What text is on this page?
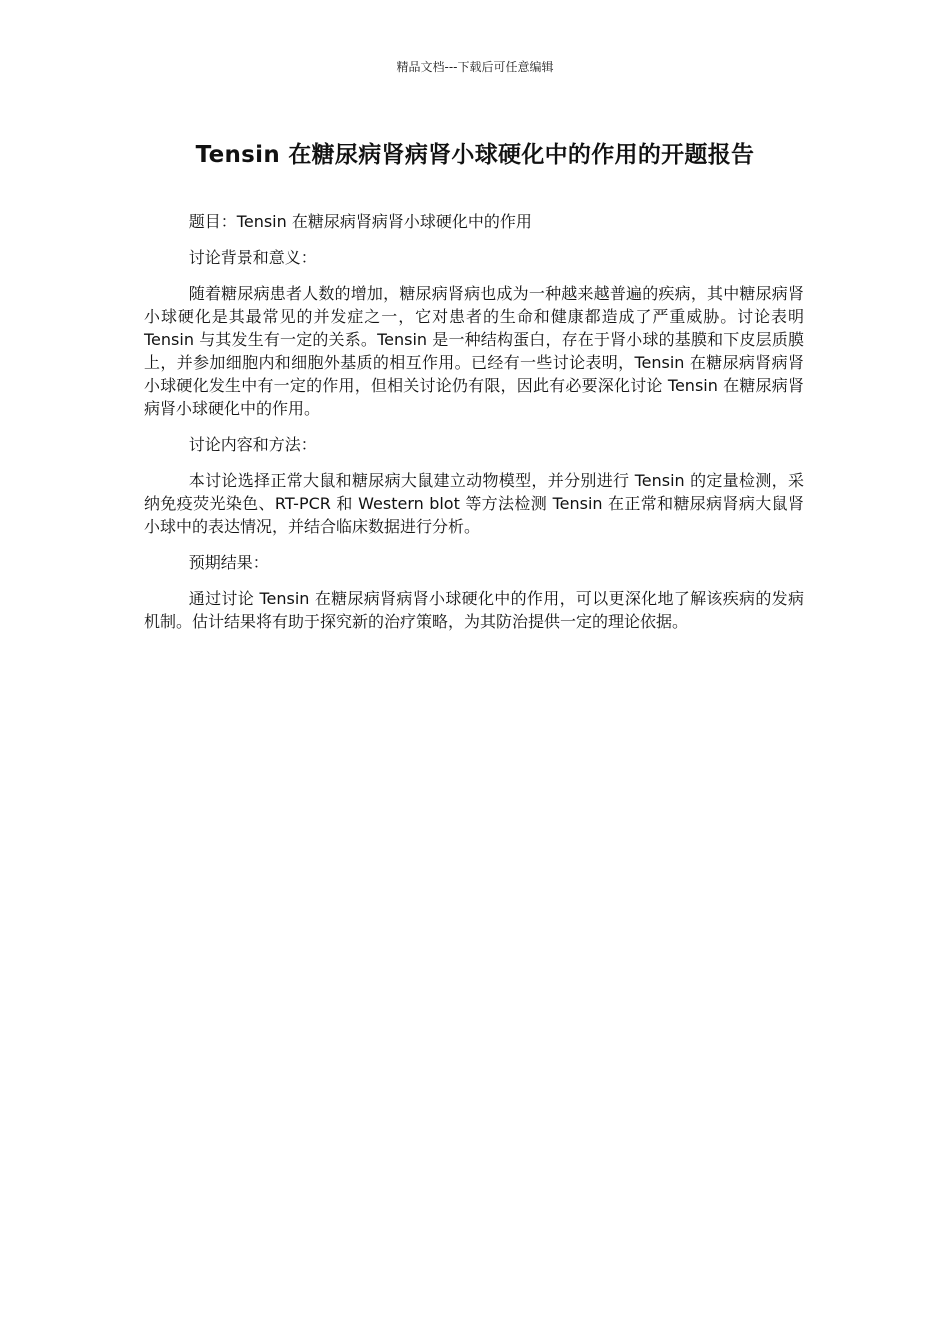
精品文档---下载后可任意编辑
Tensin 在糖尿病肾病肾小球硬化中的作用的开题报告

题目：Tensin 在糖尿病肾病肾小球硬化中的作用

讨论背景和意义：

随着糖尿病患者人数的增加，糖尿病肾病也成为一种越来越普遍的疾病，其中糖尿病肾小球硬化是其最常见的并发症之一，它对患者的生命和健康都造成了严重威胁。讨论表明 Tensin 与其发生有一定的关系。Tensin 是一种结构蛋白，存在于肾小球的基膜和下皮层质膜上，并参加细胞内和细胞外基质的相互作用。已经有一些讨论表明，Tensin 在糖尿病肾病肾小球硬化发生中有一定的作用，但相关讨论仍有限，因此有必要深化讨论 Tensin 在糖尿病肾病肾小球硬化中的作用。

讨论内容和方法：

本讨论选择正常大鼠和糖尿病大鼠建立动物模型，并分别进行 Tensin 的定量检测，采纳免疫荧光染色、RT-PCR 和 Western blot 等方法检测 Tensin 在正常和糖尿病肾病大鼠肾小球中的表达情况，并结合临床数据进行分析。

预期结果：

通过讨论 Tensin 在糖尿病肾病肾小球硬化中的作用，可以更深化地了解该疾病的发病机制。估计结果将有助于探究新的治疗策略，为其防治提供一定的理论依据。
